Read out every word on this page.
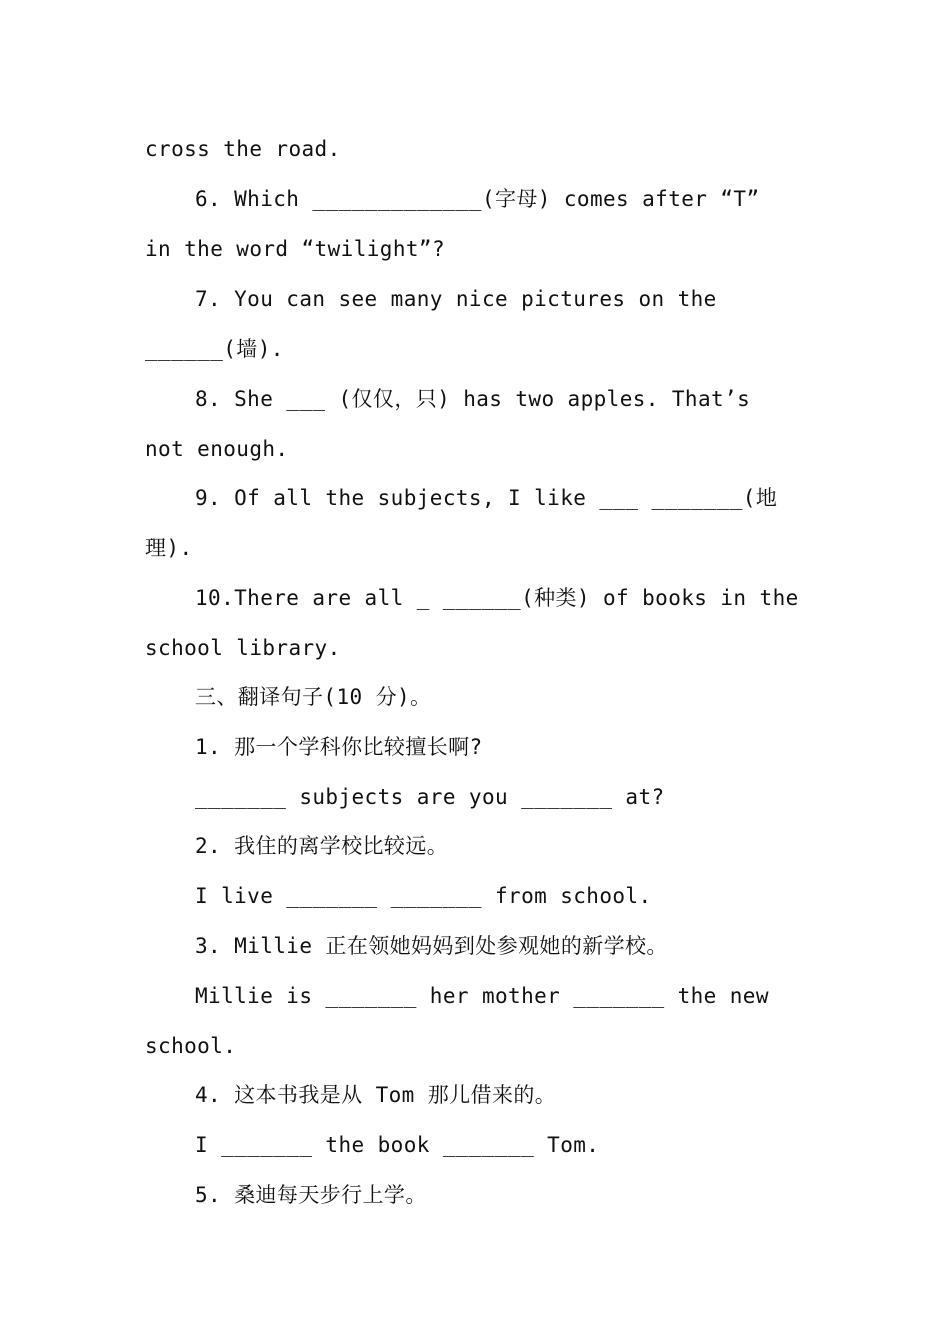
cross the road.
6. Which _____________(字母) comes after “T”
in the word “twilight”?
7. You can see many nice pictures on the
______(墙).
8. She ___ (仅仅，只) has two apples. That’s
not enough.
9. Of all the subjects, I like ___ _______(地
理).
10.There are all _ ______(种类) of books in the
school library.
三、翻译句子(10 分)。
1. 那一个学科你比较擅长啊?
_______ subjects are you _______ at?
2. 我住的离学校比较远。
I live _______ _______ from school.
3. Millie 正在领她妈妈到处参观她的新学校。
Millie is _______ her mother _______ the new
school.
4. 这本书我是从 Tom 那儿借来的。
I _______ the book _______ Tom.
5. 桑迪每天步行上学。
